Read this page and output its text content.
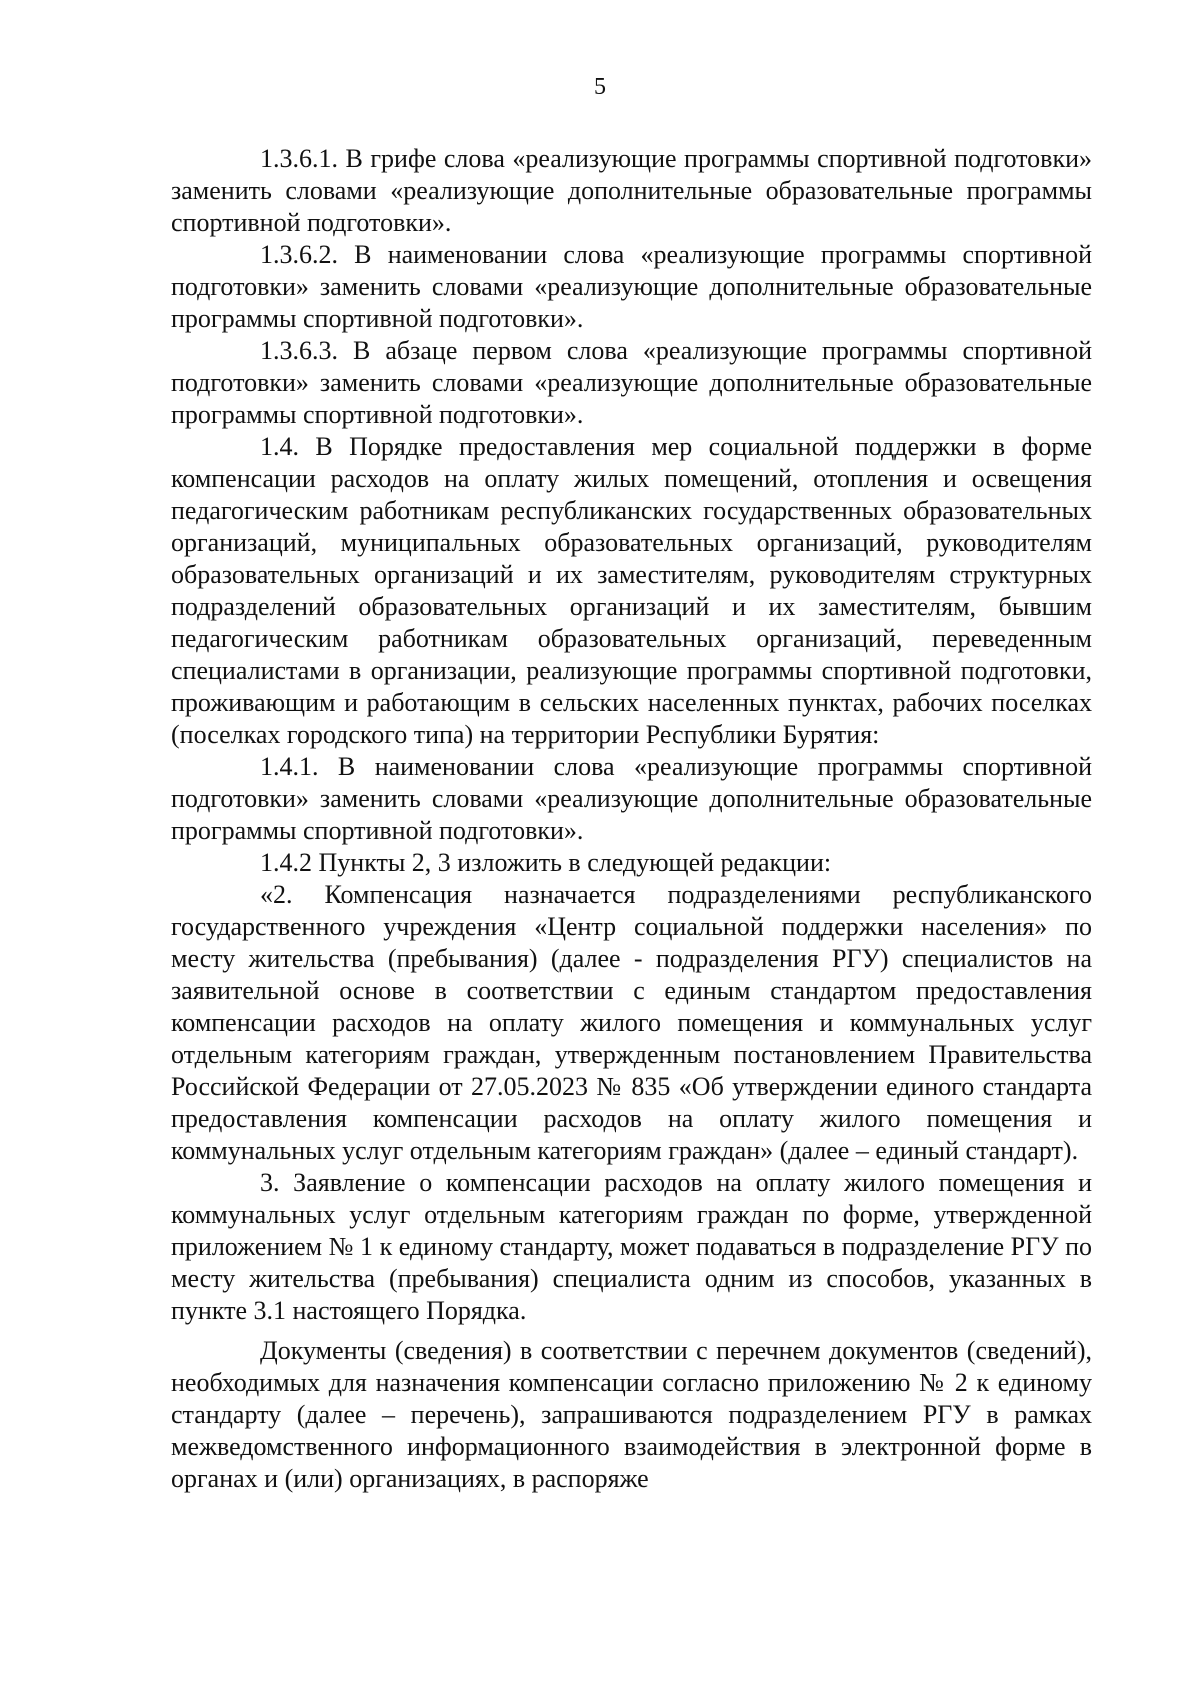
5

1.3.6.1. В грифе слова «реализующие программы спортивной подготовки» заменить словами «реализующие дополнительные образовательные программы спортивной подготовки».

1.3.6.2. В наименовании слова «реализующие программы спортивной подготовки» заменить словами «реализующие дополнительные образовательные программы спортивной подготовки».

1.3.6.3. В абзаце первом слова «реализующие программы спортивной подготовки» заменить словами «реализующие дополнительные образовательные программы спортивной подготовки».

1.4. В Порядке предоставления мер социальной поддержки в форме компенсации расходов на оплату жилых помещений, отопления и освещения педагогическим работникам республиканских государственных образовательных организаций, муниципальных образовательных организаций, руководителям образовательных организаций и их заместителям, руководителям структурных подразделений образовательных организаций и их заместителям, бывшим педагогическим работникам образовательных организаций, переведенным специалистами в организации, реализующие программы спортивной подготовки, проживающим и работающим в сельских населенных пунктах, рабочих поселках (поселках городского типа) на территории Республики Бурятия:

1.4.1. В наименовании слова «реализующие программы спортивной подготовки» заменить словами «реализующие дополнительные образовательные программы спортивной подготовки».

1.4.2 Пункты 2, 3 изложить в следующей редакции:

«2. Компенсация назначается подразделениями республиканского государственного учреждения «Центр социальной поддержки населения» по месту жительства (пребывания) (далее - подразделения РГУ) специалистов на заявительной основе в соответствии с единым стандартом предоставления компенсации расходов на оплату жилого помещения и коммунальных услуг отдельным категориям граждан, утвержденным постановлением Правительства Российской Федерации от 27.05.2023 № 835 «Об утверждении единого стандарта предоставления компенсации расходов на оплату жилого помещения и коммунальных услуг отдельным категориям граждан» (далее – единый стандарт).

3. Заявление о компенсации расходов на оплату жилого помещения и коммунальных услуг отдельным категориям граждан по форме, утвержденной приложением № 1 к единому стандарту, может подаваться в подразделение РГУ по месту жительства (пребывания) специалиста одним из способов, указанных в пункте 3.1 настоящего Порядка.

Документы (сведения) в соответствии с перечнем документов (сведений), необходимых для назначения компенсации согласно приложению № 2 к единому стандарту (далее – перечень), запрашиваются подразделением РГУ в рамках межведомственного информационного взаимодействия в электронной форме в органах и (или) организациях, в распоряже
